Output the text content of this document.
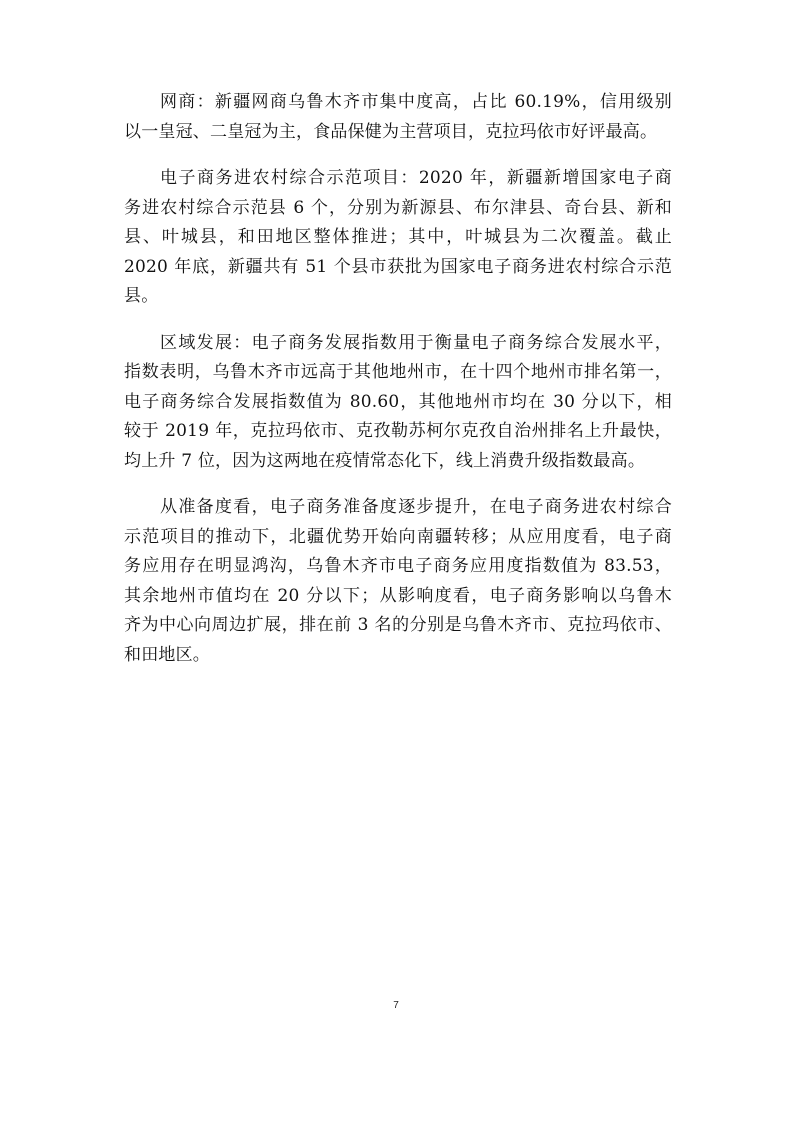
网商：新疆网商乌鲁木齐市集中度高，占比 60.19%，信用级别
以一皇冠、二皇冠为主，食品保健为主营项目，克拉玛依市好评最高。

电子商务进农村综合示范项目：2020 年，新疆新增国家电子商
务进农村综合示范县 6 个，分别为新源县、布尔津县、奇台县、新和
县、叶城县，和田地区整体推进；其中，叶城县为二次覆盖。截止
2020 年底，新疆共有 51 个县市获批为国家电子商务进农村综合示范
县。

区域发展：电子商务发展指数用于衡量电子商务综合发展水平，
指数表明，乌鲁木齐市远高于其他地州市，在十四个地州市排名第一，
电子商务综合发展指数值为 80.60，其他地州市均在 30 分以下，相
较于 2019 年，克拉玛依市、克孜勒苏柯尔克孜自治州排名上升最快，
均上升 7 位，因为这两地在疫情常态化下，线上消费升级指数最高。

从准备度看，电子商务准备度逐步提升，在电子商务进农村综合
示范项目的推动下，北疆优势开始向南疆转移；从应用度看，电子商
务应用存在明显鸿沟，乌鲁木齐市电子商务应用度指数值为 83.53，
其余地州市值均在 20 分以下；从影响度看，电子商务影响以乌鲁木
齐为中心向周边扩展，排在前 3 名的分别是乌鲁木齐市、克拉玛依市、
和田地区。

7
